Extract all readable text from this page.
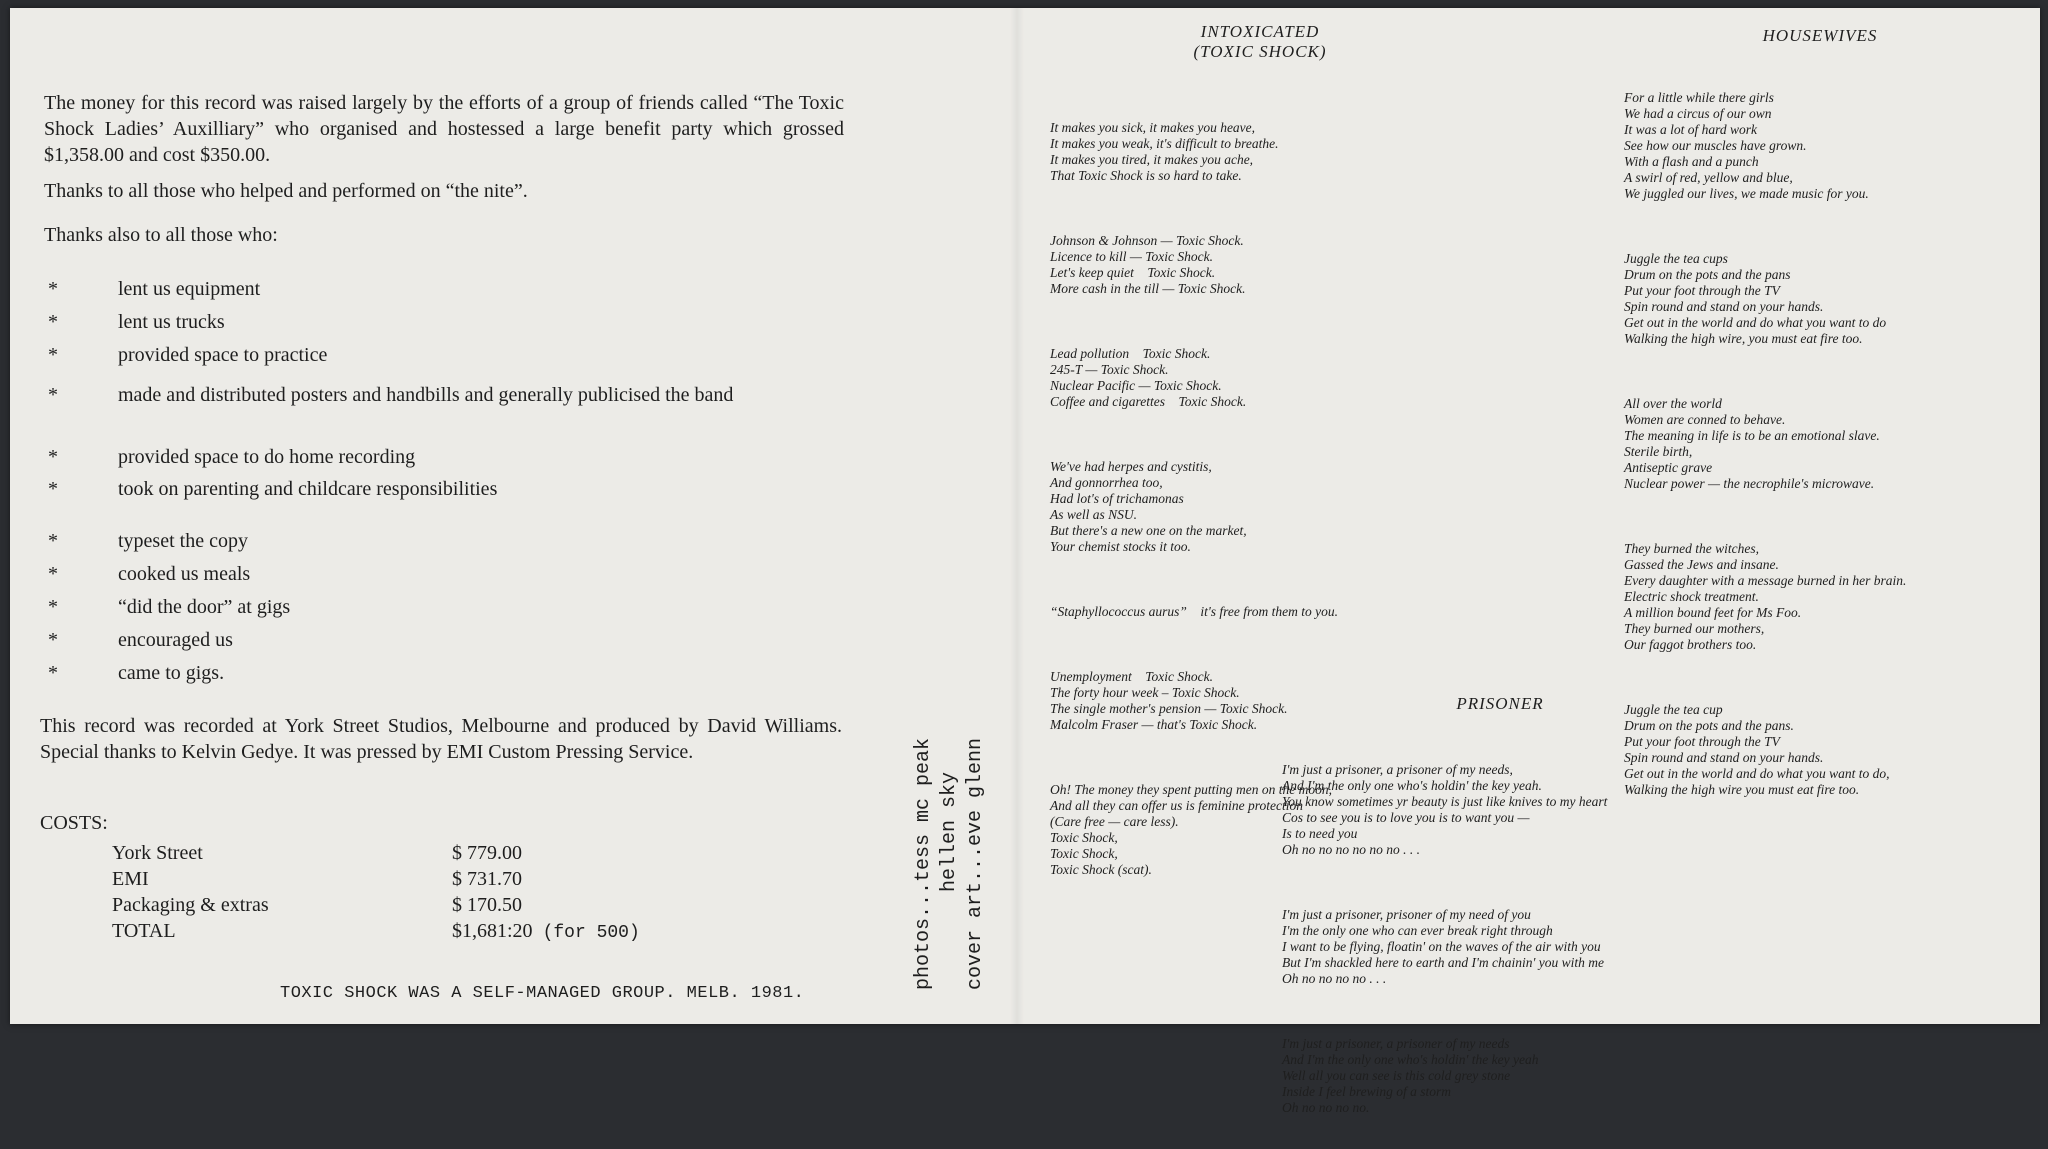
The money for this record was raised largely by the efforts of a group of friends called “The Toxic Shock Ladies’ Auxilliary” who organised and hostessed a large benefit party which grossed $1,358.00 and cost $350.00.

Thanks to all those who helped and performed on “the nite”.

Thanks also to all those who:
*	lent us equipment
*	lent us trucks
*	provided space to practice
*	made and distributed posters and handbills and generally publicised the band
*	provided space to do home recording
*	took on parenting and childcare responsibilities
*	typeset the copy
*	cooked us meals
*	“did the door” at gigs
*	encouraged us
*	came to gigs.
This record was recorded at York Street Studios, Melbourne and produced by David Williams. Special thanks to Kelvin Gedye. It was pressed by EMI Custom Pressing Service.
COSTS:
York Street	$ 779.00
EMI	$ 731.70
Packaging & extras	$ 170.50
TOTAL	$1,681:20 (for 500)
TOXIC SHOCK WAS A SELF-MANAGED GROUP. MELB. 1981.
photos...tess mc peak hellen sky cover art...eve glenn
INTOXICATED
(TOXIC SHOCK)

It makes you sick, it makes you heave,
It makes you weak, it's difficult to breathe.
It makes you tired, it makes you ache,
That Toxic Shock is so hard to take.

Johnson & Johnson — Toxic Shock.
Licence to kill — Toxic Shock.
Let's keep quiet    Toxic Shock.
More cash in the till — Toxic Shock.

Lead pollution    Toxic Shock.
245-T — Toxic Shock.
Nuclear Pacific — Toxic Shock.
Coffee and cigarettes    Toxic Shock.

We've had herpes and cystitis,
And gonnorrhea too,
Had lot's of trichamonas
As well as NSU.
But there's a new one on the market,
Your chemist stocks it too.

“Staphyllococcus aurus”    it's free from them to you.

Unemployment    Toxic Shock.
The forty hour week – Toxic Shock.
The single mother's pension — Toxic Shock.
Malcolm Fraser — that's Toxic Shock.

Oh! The money they spent putting men on the moon,
And all they can offer us is feminine protection
(Care free — care less).
Toxic Shock,
Toxic Shock,
Toxic Shock (scat).

HOUSEWIVES

For a little while there girls
We had a circus of our own
It was a lot of hard work
See how our muscles have grown.
With a flash and a punch
A swirl of red, yellow and blue,
We juggled our lives, we made music for you.

Juggle the tea cups
Drum on the pots and the pans
Put your foot through the TV
Spin round and stand on your hands.
Get out in the world and do what you want to do
Walking the high wire, you must eat fire too.

All over the world
Women are conned to behave.
The meaning in life is to be an emotional slave.
Sterile birth,
Antiseptic grave
Nuclear power — the necrophile's microwave.

They burned the witches,
Gassed the Jews and insane.
Every daughter with a message burned in her brain.
Electric shock treatment.
A million bound feet for Ms Foo.
They burned our mothers,
Our faggot brothers too.

Juggle the tea cup
Drum on the pots and the pans.
Put your foot through the TV
Spin round and stand on your hands.
Get out in the world and do what you want to do,
Walking the high wire you must eat fire too.

PRISONER

I'm just a prisoner, a prisoner of my needs,
And I'm the only one who's holdin' the key yeah.
You know sometimes yr beauty is just like knives to my heart
Cos to see you is to love you is to want you —
Is to need you
Oh no no no no no no . . .

I'm just a prisoner, prisoner of my need of you
I'm the only one who can ever break right through
I want to be flying, floatin' on the waves of the air with you
But I'm shackled here to earth and I'm chainin' you with me
Oh no no no no . . .

I'm just a prisoner, a prisoner of my needs
And I'm the only one who's holdin' the key yeah
Well all you can see is this cold grey stone
Inside I feel brewing of a storm
Oh no no no no.
